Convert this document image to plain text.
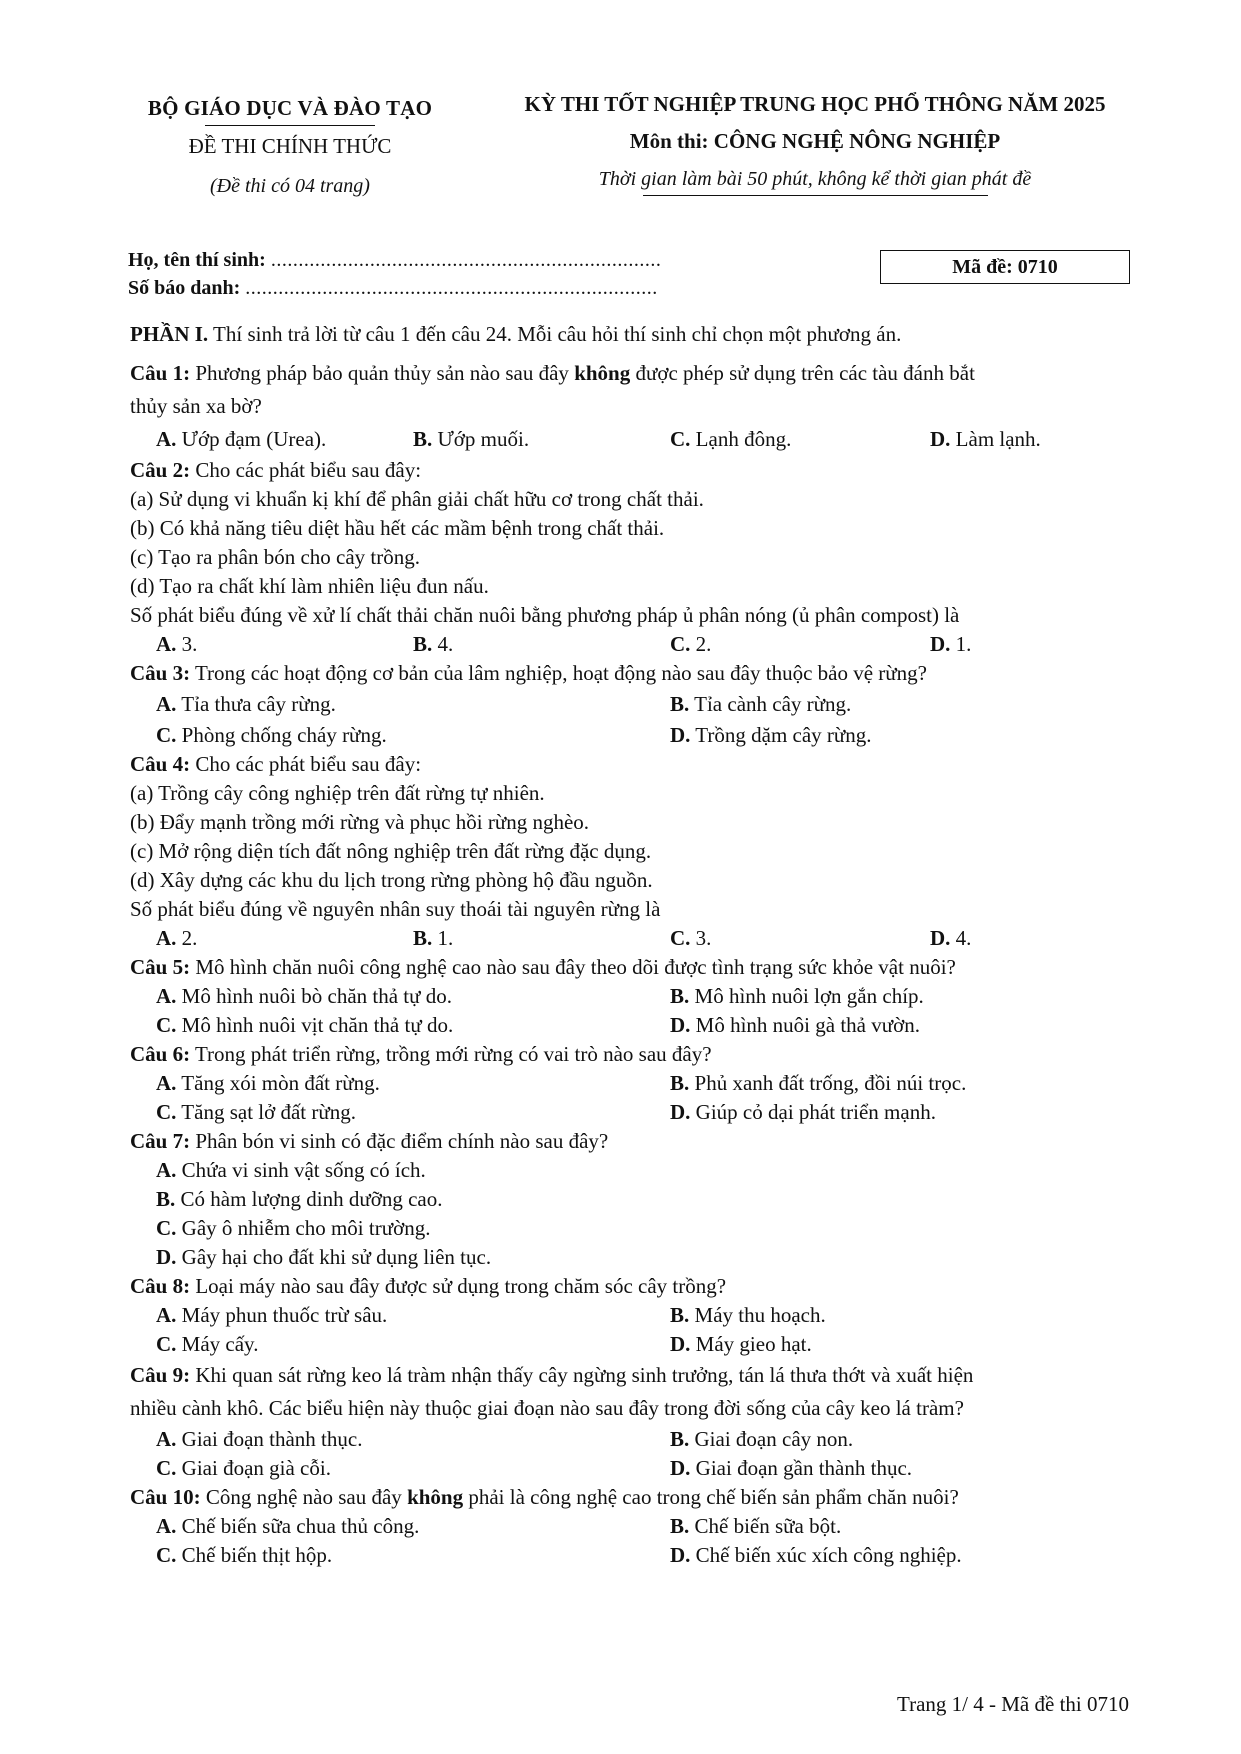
BỘ GIÁO DỤC VÀ ĐÀO TẠO
ĐỀ THI CHÍNH THỨC
(Đề thi có 04 trang)
KỲ THI TỐT NGHIỆP TRUNG HỌC PHỔ THÔNG NĂM 2025
Môn thi: CÔNG NGHỆ NÔNG NGHIỆP
Thời gian làm bài 50 phút, không kể thời gian phát đề
Họ, tên thí sinh: .......................................................................
Số báo danh: ...........................................................................
Mã đề: 0710
PHẦN I. Thí sinh trả lời từ câu 1 đến câu 24. Mỗi câu hỏi thí sinh chỉ chọn một phương án.
Câu 1: Phương pháp bảo quản thủy sản nào sau đây không được phép sử dụng trên các tàu đánh bắt
thủy sản xa bờ?
A. Ướp đạm (Urea).	B. Ướp muối.	C. Lạnh đông.	D. Làm lạnh.
Câu 2: Cho các phát biểu sau đây:
(a) Sử dụng vi khuẩn kị khí để phân giải chất hữu cơ trong chất thải.
(b) Có khả năng tiêu diệt hầu hết các mầm bệnh trong chất thải.
(c) Tạo ra phân bón cho cây trồng.
(d) Tạo ra chất khí làm nhiên liệu đun nấu.
Số phát biểu đúng về xử lí chất thải chăn nuôi bằng phương pháp ủ phân nóng (ủ phân compost) là
A. 3.	B. 4.	C. 2.	D. 1.
Câu 3: Trong các hoạt động cơ bản của lâm nghiệp, hoạt động nào sau đây thuộc bảo vệ rừng?
A. Tỉa thưa cây rừng.	B. Tỉa cành cây rừng.
C. Phòng chống cháy rừng.	D. Trồng dặm cây rừng.
Câu 4: Cho các phát biểu sau đây:
(a) Trồng cây công nghiệp trên đất rừng tự nhiên.
(b) Đẩy mạnh trồng mới rừng và phục hồi rừng nghèo.
(c) Mở rộng diện tích đất nông nghiệp trên đất rừng đặc dụng.
(d) Xây dựng các khu du lịch trong rừng phòng hộ đầu nguồn.
Số phát biểu đúng về nguyên nhân suy thoái tài nguyên rừng là
A. 2.	B. 1.	C. 3.	D. 4.
Câu 5: Mô hình chăn nuôi công nghệ cao nào sau đây theo dõi được tình trạng sức khỏe vật nuôi?
A. Mô hình nuôi bò chăn thả tự do.	B. Mô hình nuôi lợn gắn chíp.
C. Mô hình nuôi vịt chăn thả tự do.	D. Mô hình nuôi gà thả vườn.
Câu 6: Trong phát triển rừng, trồng mới rừng có vai trò nào sau đây?
A. Tăng xói mòn đất rừng.	B. Phủ xanh đất trống, đồi núi trọc.
C. Tăng sạt lở đất rừng.	D. Giúp cỏ dại phát triển mạnh.
Câu 7: Phân bón vi sinh có đặc điểm chính nào sau đây?
A. Chứa vi sinh vật sống có ích.
B. Có hàm lượng dinh dưỡng cao.
C. Gây ô nhiễm cho môi trường.
D. Gây hại cho đất khi sử dụng liên tục.
Câu 8: Loại máy nào sau đây được sử dụng trong chăm sóc cây trồng?
A. Máy phun thuốc trừ sâu.	B. Máy thu hoạch.
C. Máy cấy.	D. Máy gieo hạt.
Câu 9: Khi quan sát rừng keo lá tràm nhận thấy cây ngừng sinh trưởng, tán lá thưa thớt và xuất hiện
nhiều cành khô. Các biểu hiện này thuộc giai đoạn nào sau đây trong đời sống của cây keo lá tràm?
A. Giai đoạn thành thục.	B. Giai đoạn cây non.
C. Giai đoạn già cỗi.	D. Giai đoạn gần thành thục.
Câu 10: Công nghệ nào sau đây không phải là công nghệ cao trong chế biến sản phẩm chăn nuôi?
A. Chế biến sữa chua thủ công.	B. Chế biến sữa bột.
C. Chế biến thịt hộp.	D. Chế biến xúc xích công nghiệp.
Trang 1/ 4 - Mã đề thi 0710
